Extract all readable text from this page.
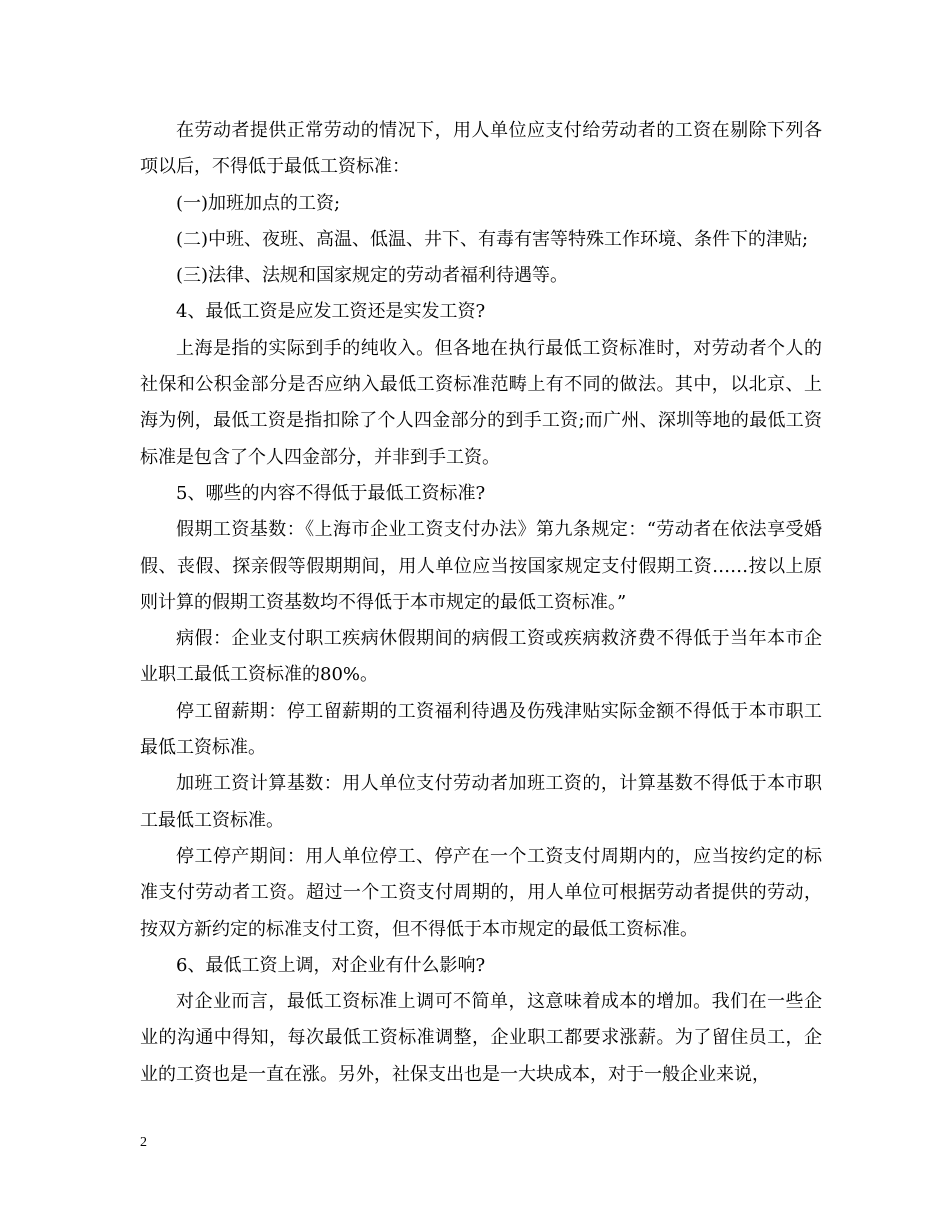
在劳动者提供正常劳动的情况下，用人单位应支付给劳动者的工资在剔除下列各项以后，不得低于最低工资标准：

(一)加班加点的工资;

(二)中班、夜班、高温、低温、井下、有毒有害等特殊工作环境、条件下的津贴;

(三)法律、法规和国家规定的劳动者福利待遇等。

4、最低工资是应发工资还是实发工资?

上海是指的实际到手的纯收入。但各地在执行最低工资标准时，对劳动者个人的社保和公积金部分是否应纳入最低工资标准范畴上有不同的做法。其中，以北京、上海为例，最低工资是指扣除了个人四金部分的到手工资;而广州、深圳等地的最低工资标准是包含了个人四金部分，并非到手工资。

5、哪些的内容不得低于最低工资标准?

假期工资基数：《上海市企业工资支付办法》第九条规定：“劳动者在依法享受婚假、丧假、探亲假等假期期间，用人单位应当按国家规定支付假期工资……按以上原则计算的假期工资基数均不得低于本市规定的最低工资标准。”

病假：企业支付职工疾病休假期间的病假工资或疾病救济费不得低于当年本市企业职工最低工资标准的80%。

停工留薪期：停工留薪期的工资福利待遇及伤残津贴实际金额不得低于本市职工最低工资标准。

加班工资计算基数：用人单位支付劳动者加班工资的，计算基数不得低于本市职工最低工资标准。

停工停产期间：用人单位停工、停产在一个工资支付周期内的，应当按约定的标准支付劳动者工资。超过一个工资支付周期的，用人单位可根据劳动者提供的劳动，按双方新约定的标准支付工资，但不得低于本市规定的最低工资标准。

6、最低工资上调，对企业有什么影响?

对企业而言，最低工资标准上调可不简单，这意味着成本的增加。我们在一些企业的沟通中得知，每次最低工资标准调整，企业职工都要求涨薪。为了留住员工，企业的工资也是一直在涨。另外，社保支出也是一大块成本，对于一般企业来说，

2
